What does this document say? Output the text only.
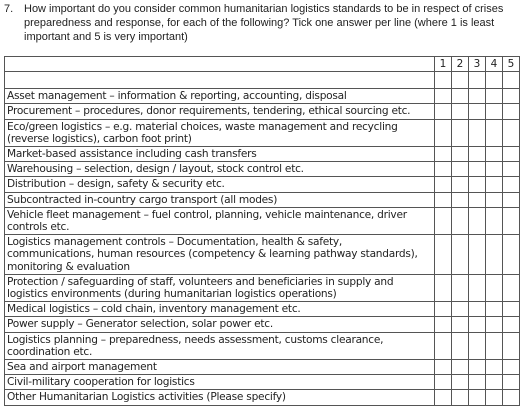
7. How important do you consider common humanitarian logistics standards to be in respect of crises preparedness and response, for each of the following? Tick one answer per line (where 1 is least important and 5 is very important)
	1	2	3	4	5

Asset management – information & reporting, accounting, disposal					
Procurement – procedures, donor requirements, tendering, ethical sourcing etc.					
Eco/green logistics – e.g. material choices, waste management and recycling (reverse logistics), carbon foot print)					
Market-based assistance including cash transfers					
Warehousing – selection, design / layout, stock control etc.					
Distribution – design, safety & security etc.					
Subcontracted in-country cargo transport (all modes)					
Vehicle fleet management – fuel control, planning, vehicle maintenance, driver controls etc.					
Logistics management controls – Documentation, health & safety, communications, human resources (competency & learning pathway standards), monitoring & evaluation					
Protection / safeguarding of staff, volunteers and beneficiaries in supply and logistics environments (during humanitarian logistics operations)					
Medical logistics – cold chain, inventory management etc.					
Power supply – Generator selection, solar power etc.					
Logistics planning – preparedness, needs assessment, customs clearance, coordination etc.					
Sea and airport management					
Civil-military cooperation for logistics					
Other Humanitarian Logistics activities (Please specify)					
